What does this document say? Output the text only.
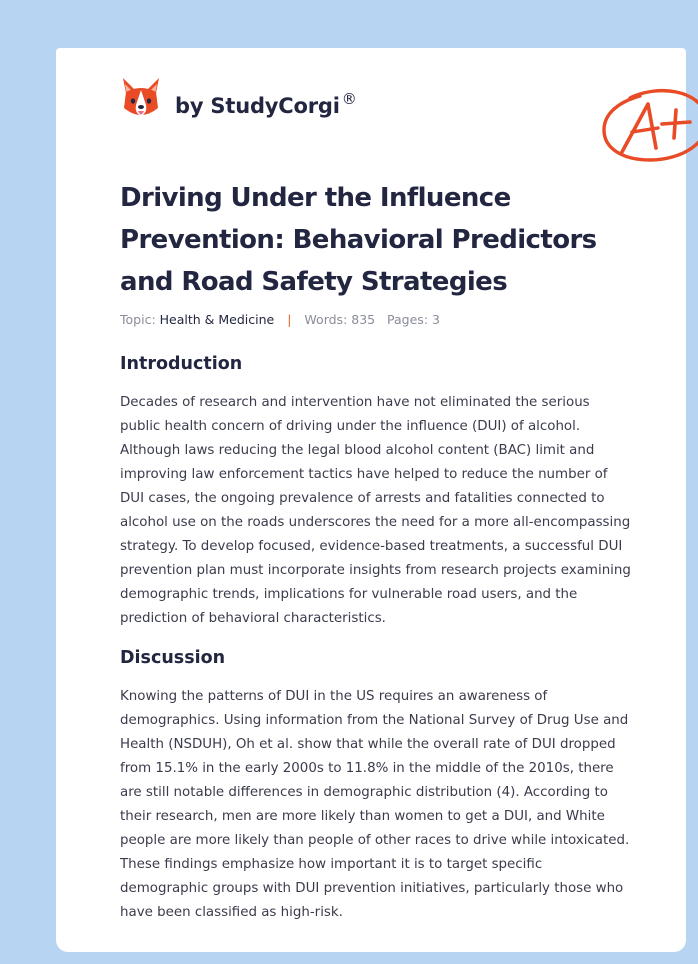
by StudyCorgi ®
Driving Under the Influence Prevention: Behavioral Predictors and Road Safety Strategies
Topic: Health & Medicine | Words: 835 Pages: 3
Introduction

Decades of research and intervention have not eliminated the serious public health concern of driving under the influence (DUI) of alcohol. Although laws reducing the legal blood alcohol content (BAC) limit and improving law enforcement tactics have helped to reduce the number of DUI cases, the ongoing prevalence of arrests and fatalities connected to alcohol use on the roads underscores the need for a more all-encompassing strategy. To develop focused, evidence-based treatments, a successful DUI prevention plan must incorporate insights from research projects examining demographic trends, implications for vulnerable road users, and the prediction of behavioral characteristics.

Discussion

Knowing the patterns of DUI in the US requires an awareness of demographics. Using information from the National Survey of Drug Use and Health (NSDUH), Oh et al. show that while the overall rate of DUI dropped from 15.1% in the early 2000s to 11.8% in the middle of the 2010s, there are still notable differences in demographic distribution (4). According to their research, men are more likely than women to get a DUI, and White people are more likely than people of other races to drive while intoxicated. These findings emphasize how important it is to target specific demographic groups with DUI prevention initiatives, particularly those who have been classified as high-risk.
